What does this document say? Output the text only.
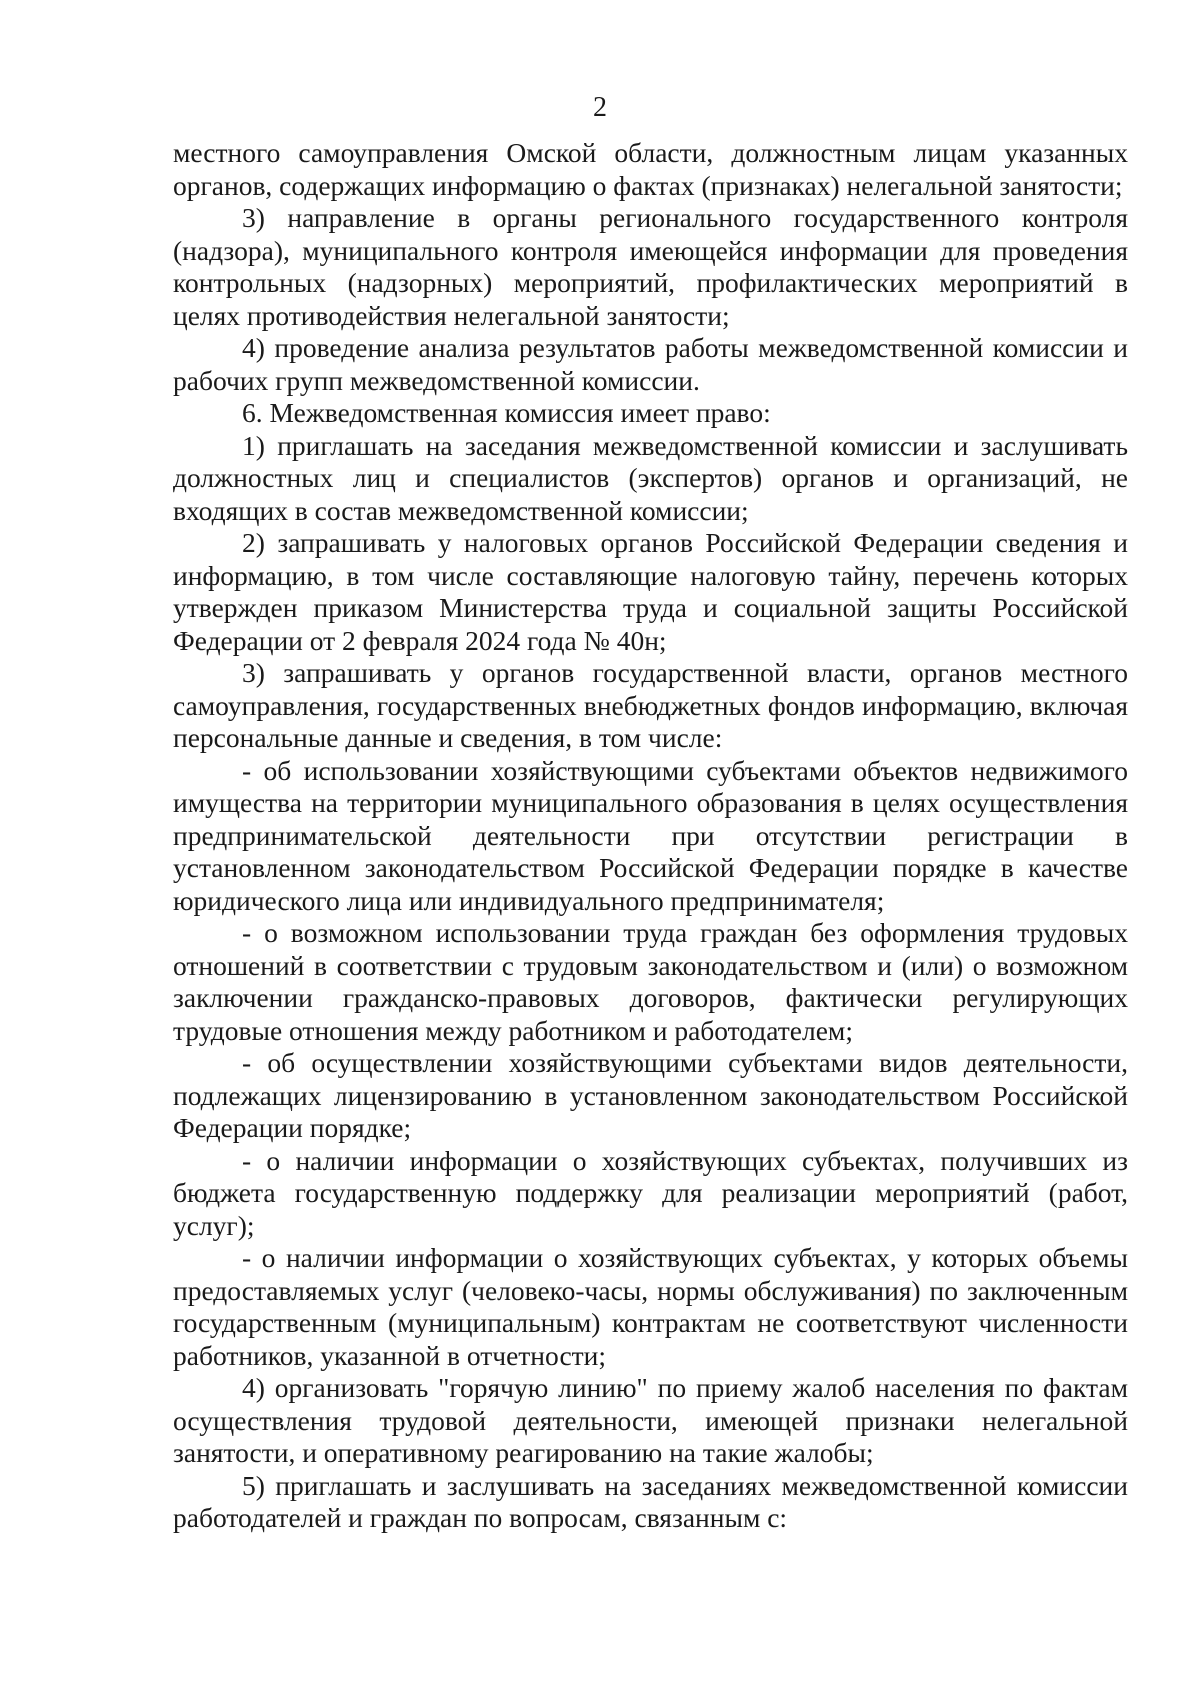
2

местного самоуправления Омской области, должностным лицам указанных органов, содержащих информацию о фактах (признаках) нелегальной занятости;

3) направление в органы регионального государственного контроля (надзора), муниципального контроля имеющейся информации для проведения контрольных (надзорных) мероприятий, профилактических мероприятий в целях противодействия нелегальной занятости;

4) проведение анализа результатов работы межведомственной комиссии и рабочих групп межведомственной комиссии.

6. Межведомственная комиссия имеет право:

1) приглашать на заседания межведомственной комиссии и заслушивать должностных лиц и специалистов (экспертов) органов и организаций, не входящих в состав межведомственной комиссии;

2) запрашивать у налоговых органов Российской Федерации сведения и информацию, в том числе составляющие налоговую тайну, перечень которых утвержден приказом Министерства труда и социальной защиты Российской Федерации от 2 февраля 2024 года № 40н;

3) запрашивать у органов государственной власти, органов местного самоуправления, государственных внебюджетных фондов информацию, включая персональные данные и сведения, в том числе:

- об использовании хозяйствующими субъектами объектов недвижимого имущества на территории муниципального образования в целях осуществления предпринимательской деятельности при отсутствии регистрации в установленном законодательством Российской Федерации порядке в качестве юридического лица или индивидуального предпринимателя;

- о возможном использовании труда граждан без оформления трудовых отношений в соответствии с трудовым законодательством и (или) о возможном заключении гражданско-правовых договоров, фактически регулирующих трудовые отношения между работником и работодателем;

- об осуществлении хозяйствующими субъектами видов деятельности, подлежащих лицензированию в установленном законодательством Российской Федерации порядке;

- о наличии информации о хозяйствующих субъектах, получивших из бюджета государственную поддержку для реализации мероприятий (работ, услуг);

- о наличии информации о хозяйствующих субъектах, у которых объемы предоставляемых услуг (человеко-часы, нормы обслуживания) по заключенным государственным (муниципальным) контрактам не соответствуют численности работников, указанной в отчетности;

4) организовать "горячую линию" по приему жалоб населения по фактам осуществления трудовой деятельности, имеющей признаки нелегальной занятости, и оперативному реагированию на такие жалобы;

5) приглашать и заслушивать на заседаниях межведомственной комиссии работодателей и граждан по вопросам, связанным с:
